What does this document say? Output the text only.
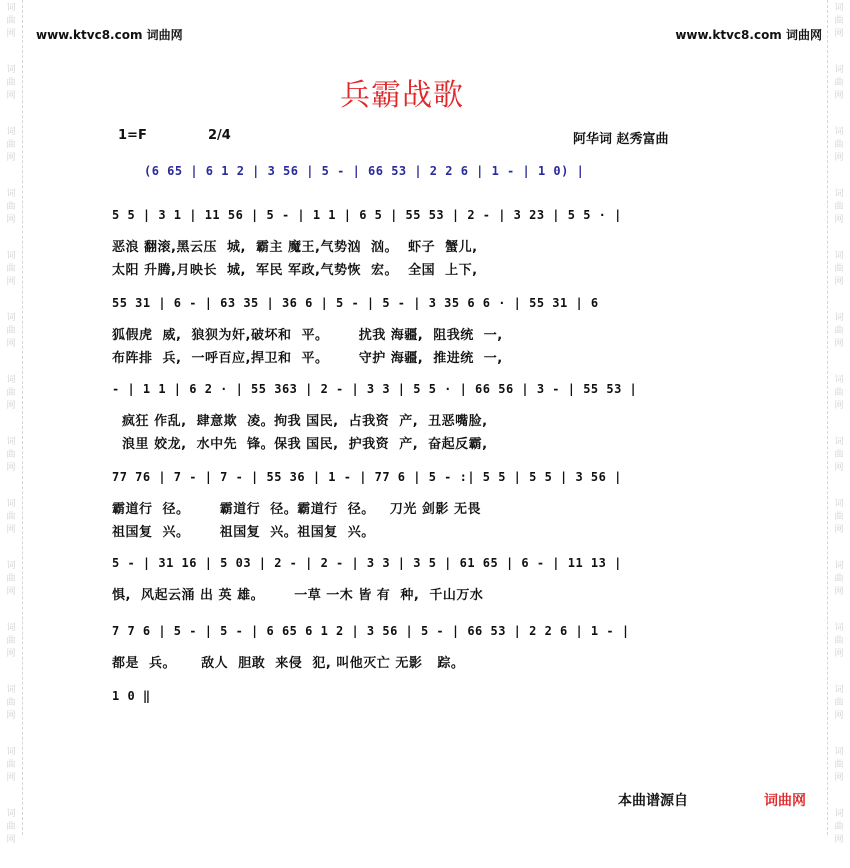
词
曲
网
词
曲
网
词
曲
网
词
曲
网
词
曲
网
词
曲
网
词
曲
网
词
曲
网
词
曲
网
词
曲
网
词
曲
网
词
曲
网
词
曲
网
词
曲
网
词
曲
网
词
曲
网
词
曲
网
词
曲
网
词
曲
网
词
曲
网
词
曲
网
词
曲
网
词
曲
网
词
曲
网
词
曲
网
词
曲
网
词
曲
网
词
曲
网
www.ktvc8.com 词曲网	www.ktvc8.com 词曲网
兵霸战歌
1=F	2/4	阿华词 赵秀富曲
(6 65 | 6 1 2 | 3 56 | 5 - | 66 53 | 2 2 6 | 1 - | 1 0) |
5 5 | 3 1 | 11 56 | 5 - | 1 1 | 6 5 | 55 53 | 2 - | 3 23 | 5 5 · |
恶浪 翻滚,黑云压  城,  霸主 魔王,气势汹  汹。  虾子  蟹儿,
太阳 升腾,月映长  城,  军民 军政,气势恢  宏。  全国  上下,
55 31 | 6 - | 63 35 | 36 6 | 5 - | 5 - | 3 35 6 6 · | 55 31 | 6
狐假虎  威,  狼狈为奸,破坏和  平。      扰我 海疆,  阻我统  一,
布阵排  兵,  一呼百应,捍卫和  平。      守护 海疆,  推进统  一,
- | 1 1 | 6 2 · | 55 363 | 2 - | 3 3 | 5 5 · | 66 56 | 3 - | 55 53 |
疯狂 作乱,  肆意欺  凌。拘我 国民,  占我资  产,  丑恶嘴脸,
浪里 姣龙,  水中先  锋。保我 国民,  护我资  产,  奋起反霸,
77 76 | 7 - | 7 - | 55 36 | 1 - | 77 6 | 5 - :| 5 5 | 5 5 | 3 56 |
霸道行  径。      霸道行  径。霸道行  径。   刀光 剑影 无畏
祖国复  兴。      祖国复  兴。祖国复  兴。
5 - | 31 16 | 5 03 | 2 - | 2 - | 3 3 | 3 5 | 61 65 | 6 - | 11 13 |
惧,  风起云涌 出 英 雄。      一草 一木 皆 有  种,  千山万水
7 7 6 | 5 - | 5 - | 6 65 6 1 2 | 3 56 | 5 - | 66 53 | 2 2 6 | 1 - |
都是  兵。     敌人  胆敢  来侵  犯, 叫他灭亡 无影   踪。
1 0 ‖
本曲谱源自	词曲网
